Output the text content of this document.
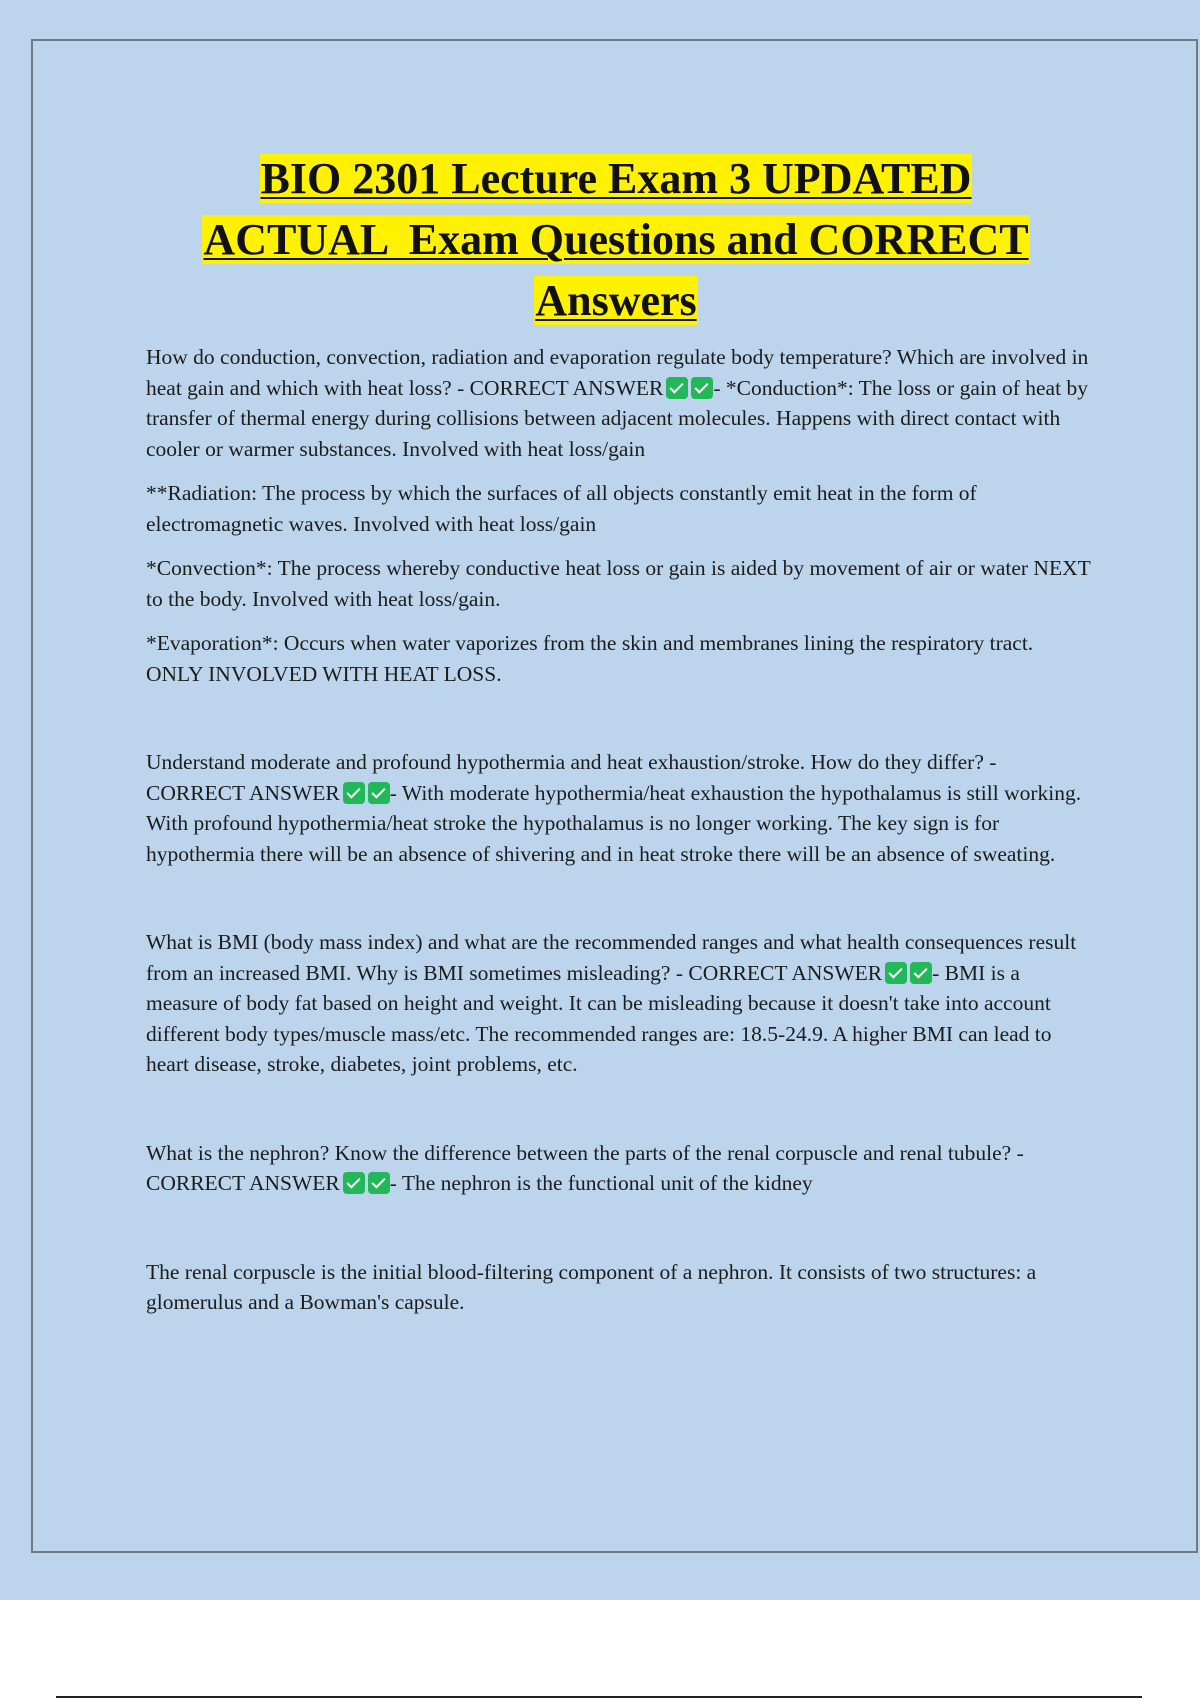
BIO 2301 Lecture Exam 3 UPDATED
ACTUAL  Exam Questions and CORRECT
Answers

How do conduction, convection, radiation and evaporation regulate body temperature? Which are involved in heat gain and which with heat loss? - CORRECT ANSWER - *Conduction*: The loss or gain of heat by transfer of thermal energy during collisions between adjacent molecules. Happens with direct contact with cooler or warmer substances. Involved with heat loss/gain

**Radiation: The process by which the surfaces of all objects constantly emit heat in the form of electromagnetic waves. Involved with heat loss/gain

*Convection*: The process whereby conductive heat loss or gain is aided by movement of air or water NEXT to the body. Involved with heat loss/gain.

*Evaporation*: Occurs when water vaporizes from the skin and membranes lining the respiratory tract. ONLY INVOLVED WITH HEAT LOSS.

Understand moderate and profound hypothermia and heat exhaustion/stroke. How do they differ? - CORRECT ANSWER - With moderate hypothermia/heat exhaustion the hypothalamus is still working. With profound hypothermia/heat stroke the hypothalamus is no longer working. The key sign is for hypothermia there will be an absence of shivering and in heat stroke there will be an absence of sweating.

What is BMI (body mass index) and what are the recommended ranges and what health consequences result from an increased BMI. Why is BMI sometimes misleading? - CORRECT ANSWER - BMI is a measure of body fat based on height and weight. It can be misleading because it doesn't take into account different body types/muscle mass/etc. The recommended ranges are: 18.5-24.9. A higher BMI can lead to heart disease, stroke, diabetes, joint problems, etc.

What is the nephron? Know the difference between the parts of the renal corpuscle and renal tubule? - CORRECT ANSWER - The nephron is the functional unit of the kidney

The renal corpuscle is the initial blood-filtering component of a nephron. It consists of two structures: a glomerulus and a Bowman's capsule.
